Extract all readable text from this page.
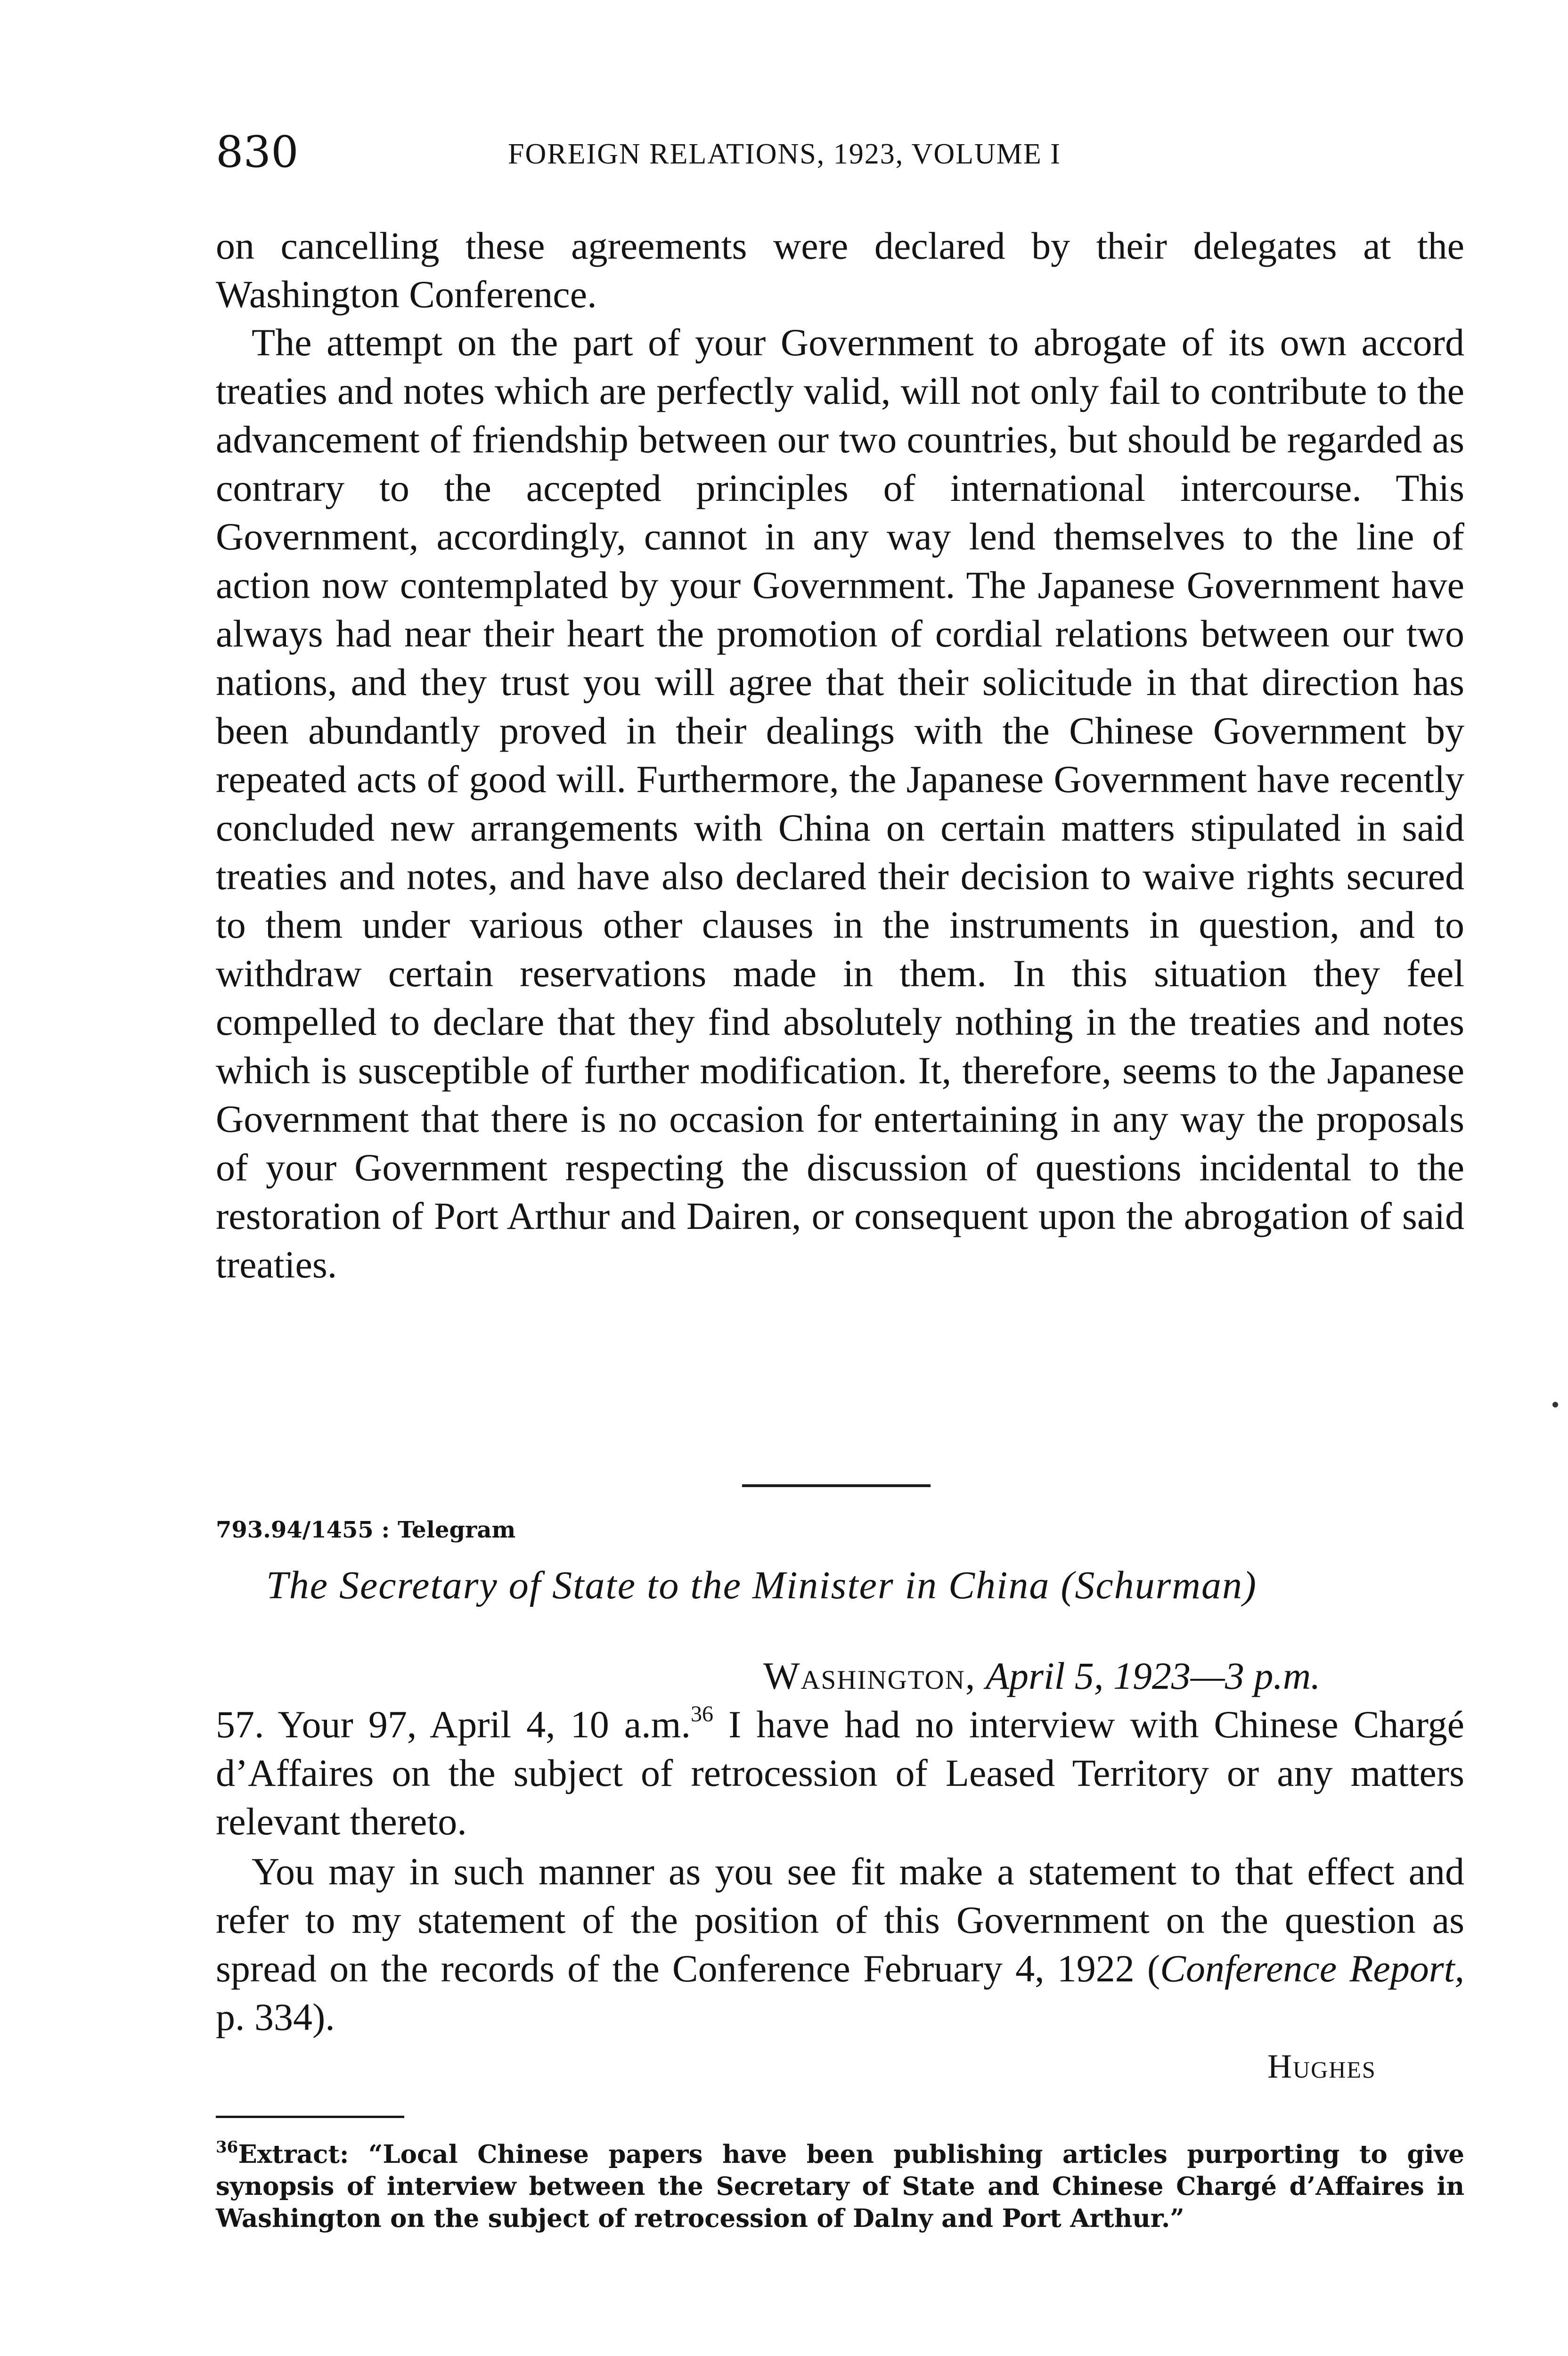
830	FOREIGN RELATIONS, 1923, VOLUME I

on cancelling these agreements were declared by their delegates at the Washington Conference.

The attempt on the part of your Government to abrogate of its own accord treaties and notes which are perfectly valid, will not only fail to contribute to the advancement of friendship between our two countries, but should be regarded as contrary to the accepted principles of international intercourse. This Government, accordingly, cannot in any way lend themselves to the line of action now contemplated by your Government. The Japanese Government have always had near their heart the promotion of cordial relations between our two nations, and they trust you will agree that their solicitude in that direction has been abundantly proved in their dealings with the Chinese Government by repeated acts of good will. Furthermore, the Japanese Government have recently concluded new arrangements with China on certain matters stipulated in said treaties and notes, and have also declared their decision to waive rights secured to them under various other clauses in the instruments in question, and to withdraw certain reservations made in them. In this situation they feel compelled to declare that they find absolutely nothing in the treaties and notes which is susceptible of further modification. It, therefore, seems to the Japanese Government that there is no occasion for entertaining in any way the proposals of your Government respecting the discussion of questions incidental to the restoration of Port Arthur and Dairen, or consequent upon the abrogation of said treaties.

793.94/1455 : Telegram
The Secretary of State to the Minister in China (Schurman)
Washington, April 5, 1923—3 p.m.

57. Your 97, April 4, 10 a.m.$^{36}$ I have had no interview with Chinese Chargé d’Affaires on the subject of retrocession of Leased Territory or any matters relevant thereto.

You may in such manner as you see fit make a statement to that effect and refer to my statement of the position of this Government on the question as spread on the records of the Conference February 4, 1922 (Conference Report, p. 334).

Hughes

$^{36}$Extract: “Local Chinese papers have been publishing articles purporting to give synopsis of interview between the Secretary of State and Chinese Chargé d’Affaires in Washington on the subject of retrocession of Dalny and Port Arthur.”
